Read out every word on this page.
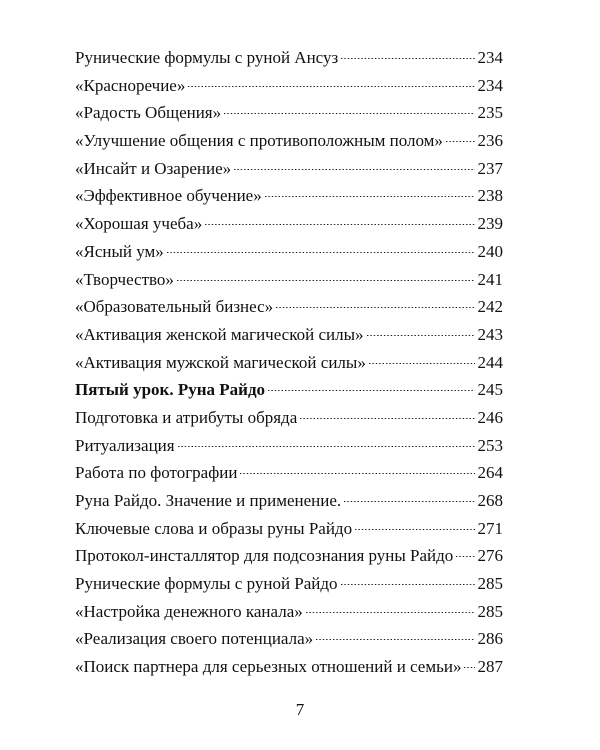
Рунические формулы с руной Ансуз	234
«Красноречие»	234
«Радость Общения»	235
«Улучшение общения с противоположным полом» 236
«Инсайт и Озарение»	237
«Эффективное обучение»	238
«Хорошая учеба»	239
«Ясный ум»	240
«Творчество»	241
«Образовательный бизнес»	242
«Активация женской магической силы»	243
«Активация мужской магической силы»	244
Пятый урок. Руна Райдо	245
Подготовка и атрибуты обряда	246
Ритуализация	253
Работа по фотографии	264
Руна Райдо. Значение и применение.	268
Ключевые слова и образы руны Райдо	271
Протокол-инсталлятор для подсознания руны Райдо 276
Рунические формулы с руной Райдо	285
«Настройка денежного канала»	285
«Реализация своего потенциала»	286
«Поиск партнера для серьезных отношений и семьи» 287
7
